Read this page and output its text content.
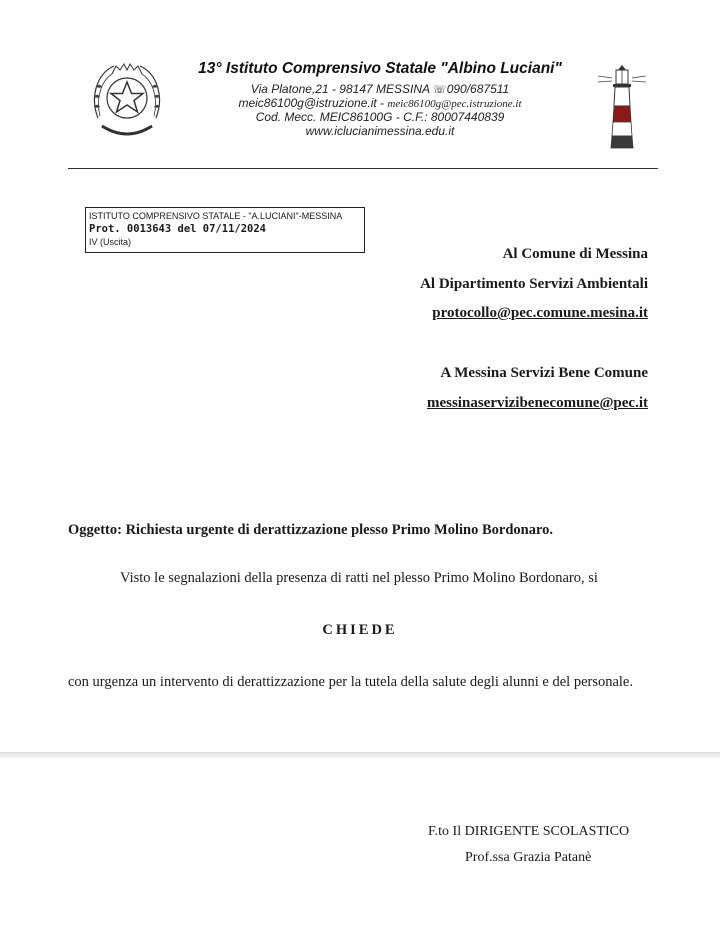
13° Istituto Comprensivo Statale "Albino Luciani"
Via Platone,21 - 98147 MESSINA ☏090/687511
meic86100g@istruzione.it - meic86100g@pec.istruzione.it
Cod. Mecc. MEIC86100G - C.F.: 80007440839
www.iclucianimessina.edu.it
ISTITUTO COMPRENSIVO STATALE - "A.LUCIANI"-MESSINA
Prot. 0013643 del 07/11/2024
IV (Uscita)
Al Comune di Messina
Al Dipartimento Servizi Ambientali
protocollo@pec.comune.mesina.it
A Messina Servizi Bene Comune
messinaservizibenecomune@pec.it
Oggetto: Richiesta urgente di derattizzazione plesso Primo Molino Bordonaro.
Visto le segnalazioni della presenza di ratti nel plesso Primo Molino Bordonaro, si
CHIEDE
con urgenza un intervento di derattizzazione per la tutela della salute degli alunni e del personale.
F.to Il DIRIGENTE SCOLASTICO
Prof.ssa Grazia Patanè
